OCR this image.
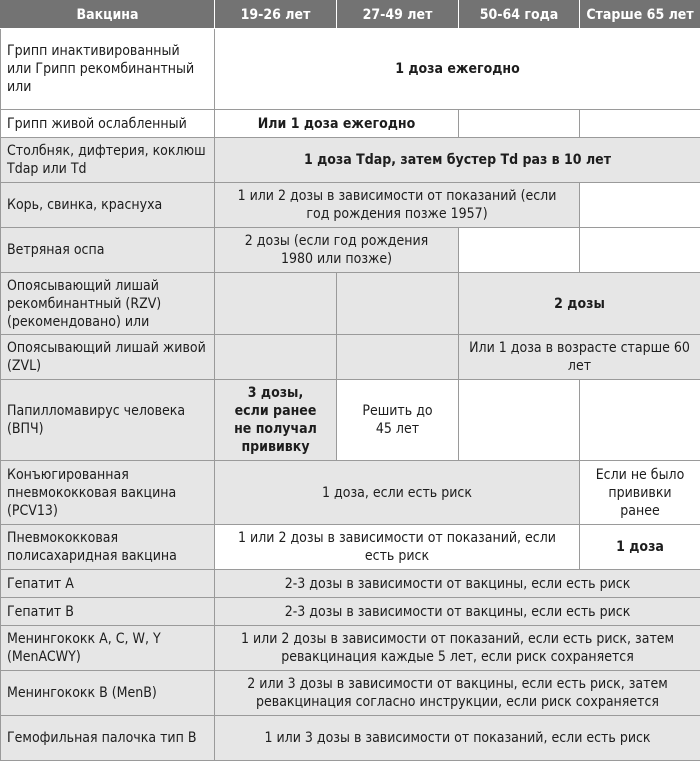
Вакцина	19-26 лет	27-49 лет	50-64 года	Старше 65 лет
Грипп инактивированный или Грипп рекомбинантный или	1 доза ежегодно			
Грипп живой ослабленный	Или 1 доза ежегодно			
Столбняк, дифтерия, коклюш Tdap или Td	1 доза Tdap, затем бустер Td раз в 10 лет			
Корь, свинка, краснуха	1 или 2 дозы в зависимости от показаний (если год рождения позже 1957)			
Ветряная оспа	2 дозы (если год рождения 1980 или позже)			
Опоясывающий лишай рекомбинантный (RZV) (рекомендовано) или			2 дозы	
Опоясывающий лишай живой (ZVL)			Или 1 доза в возрасте старше 60 лет	
Папилломавирус человека (ВПЧ)	3 дозы, если ранее не получал прививку	Решить до 45 лет		
Конъюгированная пневмококковая вакцина (PCV13)	1 доза, если есть риск			Если не было прививки ранее
Пневмококковая полисахаридная вакцина	1 или 2 дозы в зависимости от показаний, если есть риск			1 доза
Гепатит A	2-3 дозы в зависимости от вакцины, если есть риск			
Гепатит B	2-3 дозы в зависимости от вакцины, если есть риск			
Менингококк A, C, W, Y (MenACWY)	1 или 2 дозы в зависимости от показаний, если есть риск, затем ревакцинация каждые 5 лет, если риск сохраняется			
Менингококк B (MenB)	2 или 3 дозы в зависимости от вакцины, если есть риск, затем ревакцинация согласно инструкции, если риск сохраняется			
Гемофильная палочка тип B	1 или 3 дозы в зависимости от показаний, если есть риск			
